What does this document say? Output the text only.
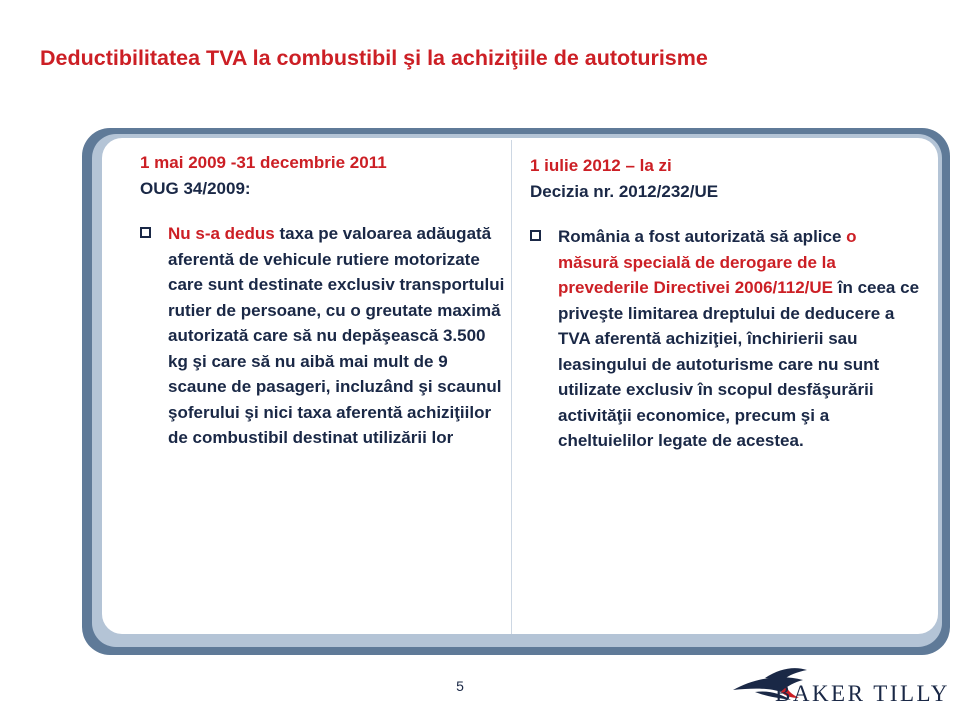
Deductibilitatea TVA la combustibil şi la achiziţiile de autoturisme
1 mai 2009 -31 decembrie 2011
OUG 34/2009:
Nu s-a dedus taxa pe valoarea adăugată aferentă de vehicule rutiere motorizate care sunt destinate exclusiv transportului rutier de persoane, cu o greutate maximă autorizată care să nu depăşească 3.500 kg şi care să nu aibă mai mult de 9 scaune de pasageri, incluzând şi scaunul şoferului şi nici taxa aferentă achiziţiilor de combustibil destinat utilizării lor
1 iulie 2012 – la zi
Decizia nr. 2012/232/UE
România a fost autorizată să aplice o măsură specială de derogare de la prevederile Directivei 2006/112/UE în ceea ce priveşte limitarea dreptului de deducere a TVA aferentă achiziţiei, închirierii sau leasingului de autoturisme care nu sunt utilizate exclusiv în scopul desfăşurării activităţii economice, precum şi a cheltuielilor legate de acestea.
5	BAKER TILLY
